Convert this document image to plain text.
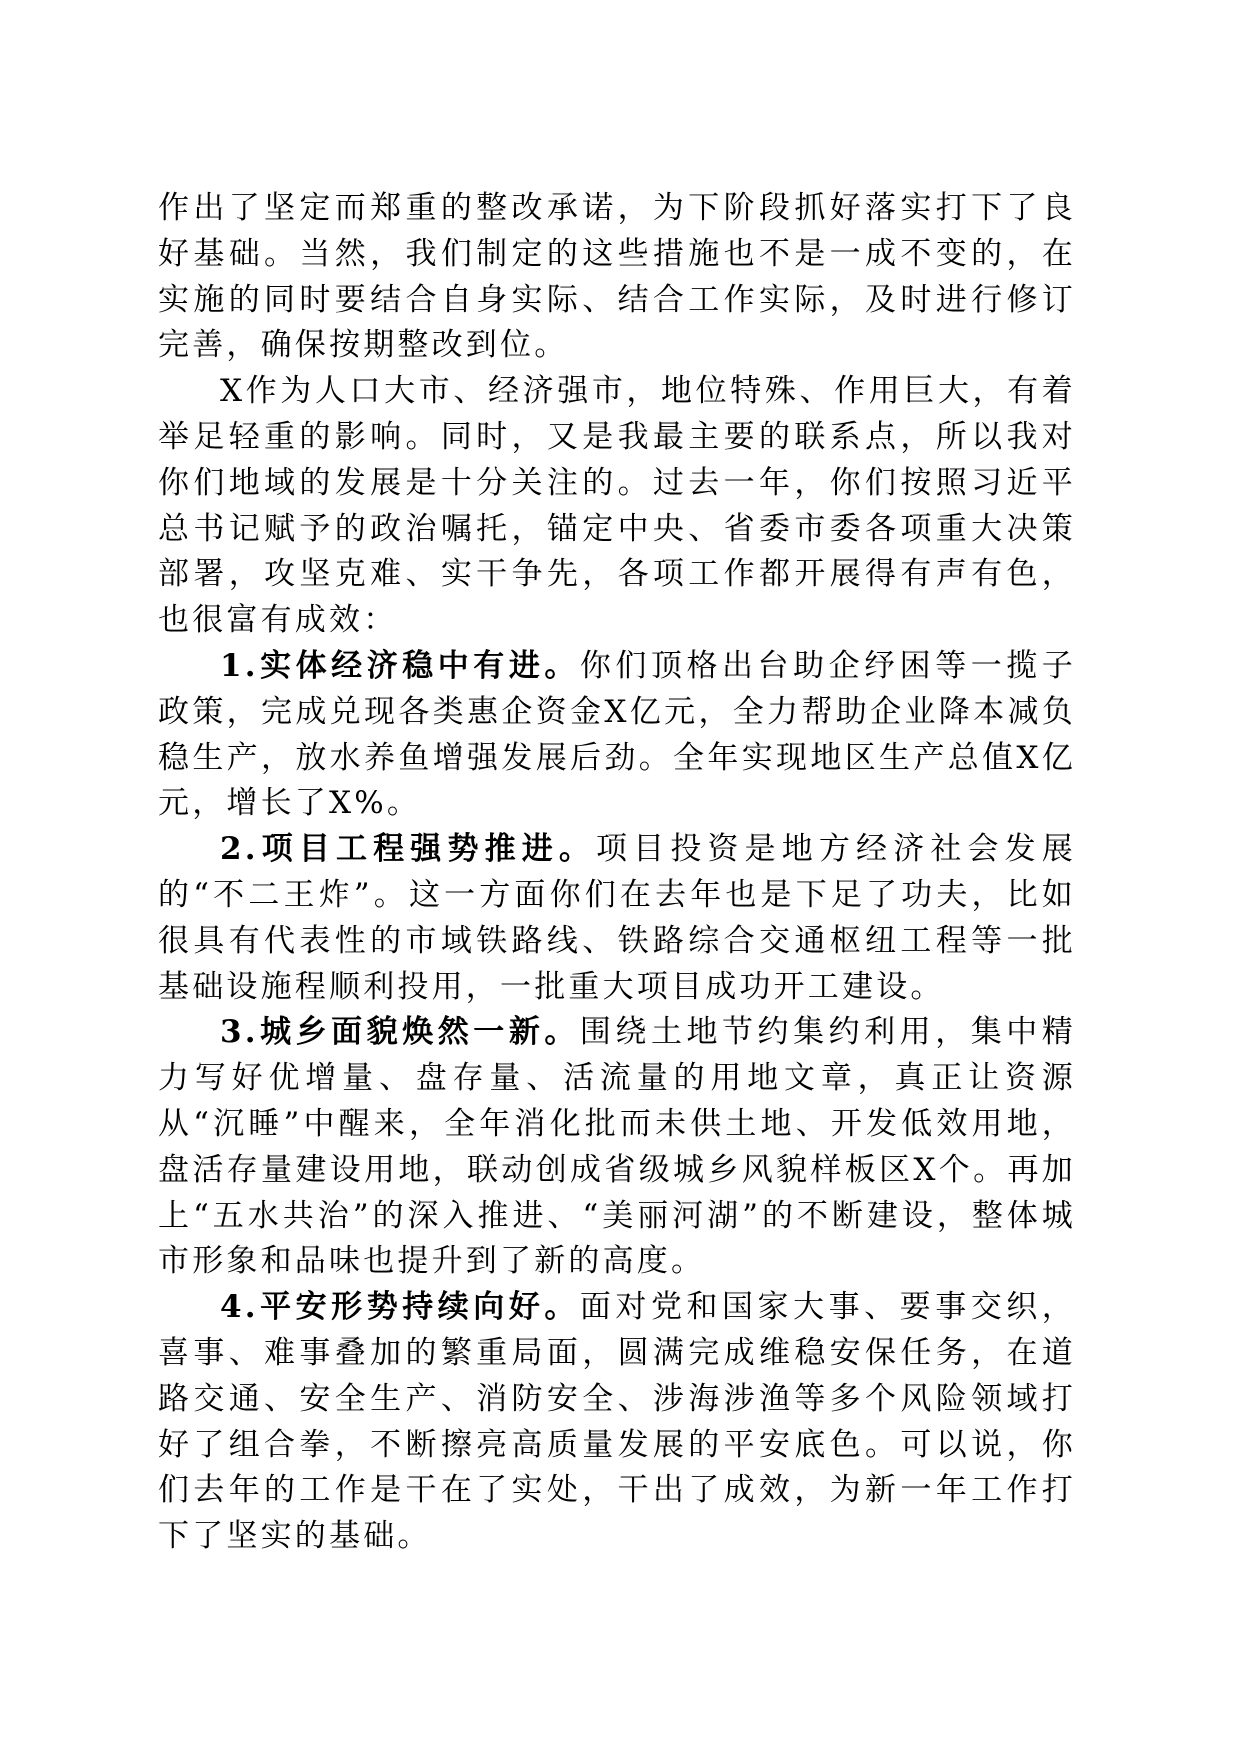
作出了坚定而郑重的整改承诺，为下阶段抓好落实打下了良好基础。当然，我们制定的这些措施也不是一成不变的，在实施的同时要结合自身实际、结合工作实际，及时进行修订完善，确保按期整改到位。

X作为人口大市、经济强市，地位特殊、作用巨大，有着举足轻重的影响。同时，又是我最主要的联系点，所以我对你们地域的发展是十分关注的。过去一年，你们按照习近平总书记赋予的政治嘱托，锚定中央、省委市委各项重大决策部署，攻坚克难、实干争先，各项工作都开展得有声有色，也很富有成效：

1.实体经济稳中有进。你们顶格出台助企纾困等一揽子政策，完成兑现各类惠企资金X亿元，全力帮助企业降本减负稳生产，放水养鱼增强发展后劲。全年实现地区生产总值X亿元，增长了X%。

2.项目工程强势推进。项目投资是地方经济社会发展的“不二王炸”。这一方面你们在去年也是下足了功夫，比如很具有代表性的市域铁路线、铁路综合交通枢纽工程等一批基础设施程顺利投用，一批重大项目成功开工建设。

3.城乡面貌焕然一新。围绕土地节约集约利用，集中精力写好优增量、盘存量、活流量的用地文章，真正让资源从“沉睡”中醒来，全年消化批而未供土地、开发低效用地，盘活存量建设用地，联动创成省级城乡风貌样板区X个。再加上“五水共治”的深入推进、“美丽河湖”的不断建设，整体城市形象和品味也提升到了新的高度。

4.平安形势持续向好。面对党和国家大事、要事交织，喜事、难事叠加的繁重局面，圆满完成维稳安保任务，在道路交通、安全生产、消防安全、涉海涉渔等多个风险领域打好了组合拳，不断擦亮高质量发展的平安底色。可以说，你们去年的工作是干在了实处，干出了成效，为新一年工作打下了坚实的基础。
